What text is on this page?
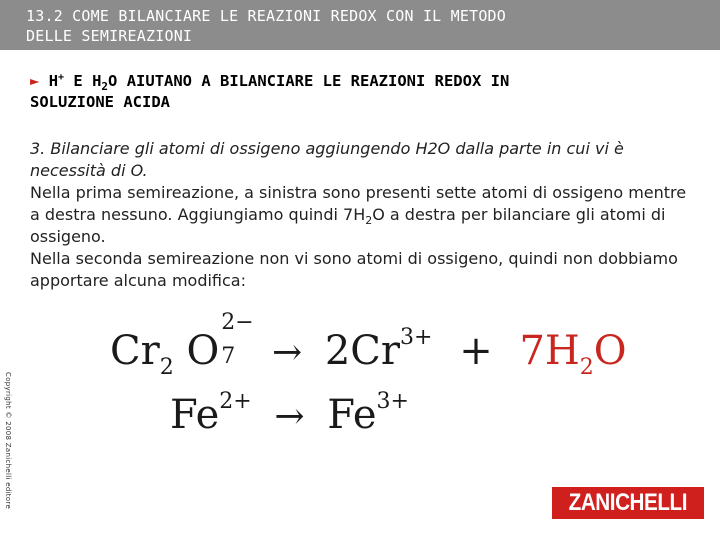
13.2 COME BILANCIARE LE REAZIONI REDOX CON IL METODO
DELLE SEMIREAZIONI
► H+ E $H_2O$ AIUTANO A BILANCIARE LE REAZIONI REDOX IN
SOLUZIONE ACIDA
3. Bilanciare gli atomi di ossigeno aggiungendo H2O dalla parte in cui vi è necessità di O.

Nella prima semireazione, a sinistra sono presenti sette atomi di ossigeno mentre a destra nessuno. Aggiungiamo quindi $7H_2O$ a destra per bilanciare gli atomi di ossigeno.

Nella seconda semireazione non vi sono atomi di ossigeno, quindi non dobbiamo apportare alcuna modifica:

$Cr_2$ O
2−
$7 \to 2Cr^{3+} + 7H_2O$
$Fe^{2+} \to Fe^{3+}$
Copyright © 2008 Zanichelli editore	ZANICHELLI
